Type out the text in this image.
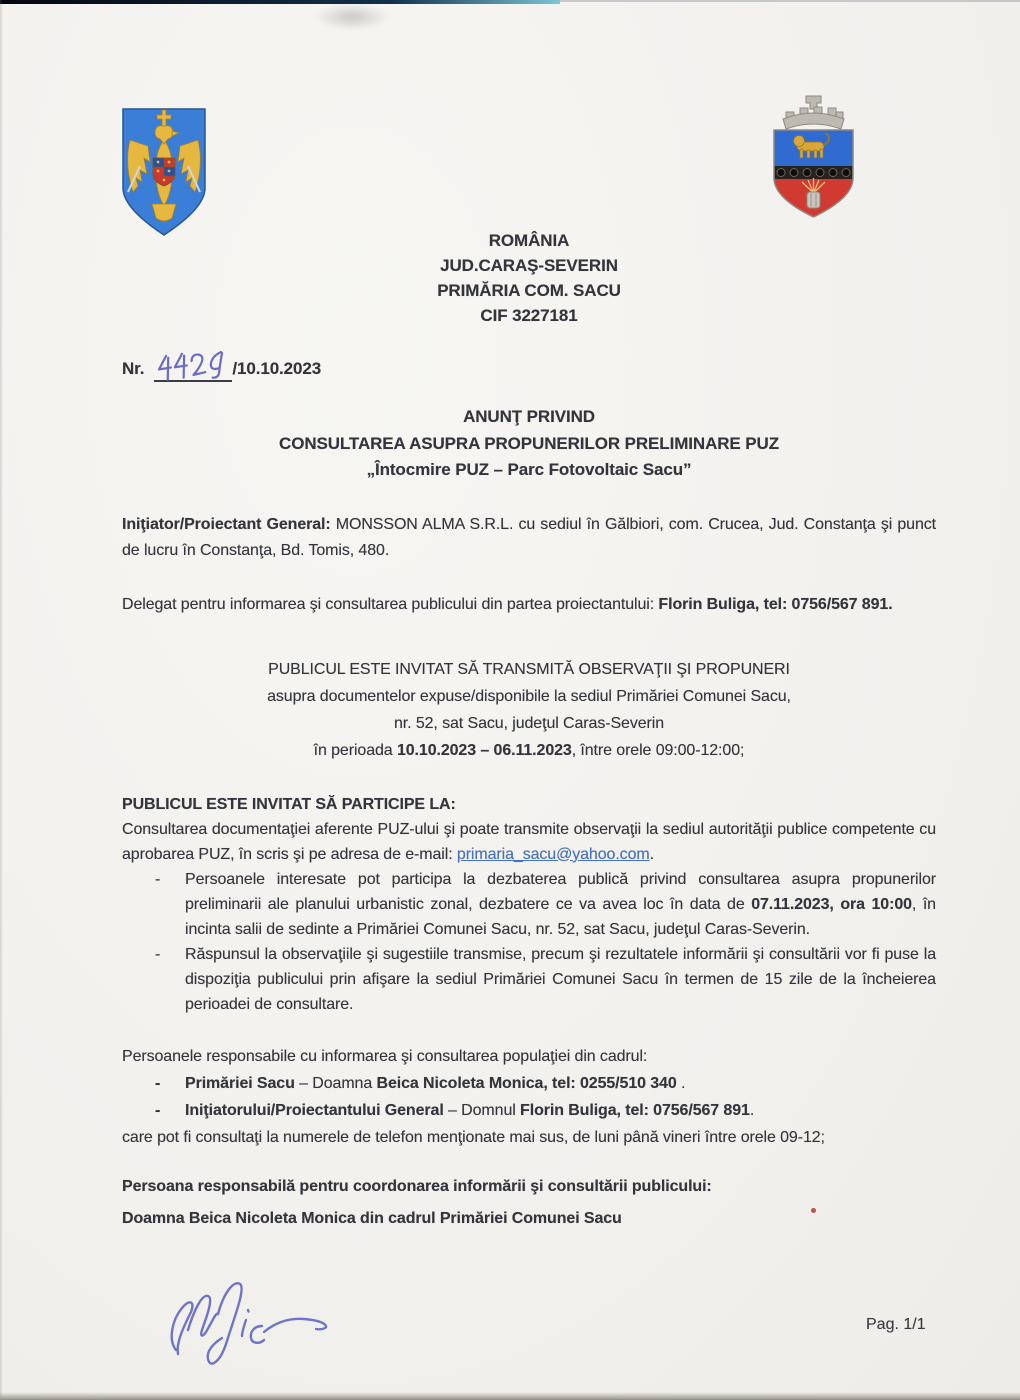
ROMÂNIA
JUD.CARAŞ-SEVERIN
PRIMĂRIA COM. SACU
CIF 3227181
Nr.	/10.10.2023
ANUNŢ PRIVIND
CONSULTAREA ASUPRA PROPUNERILOR PRELIMINARE PUZ
„Întocmire PUZ – Parc Fotovoltaic Sacu”

Iniţiator/Proiectant General: MONSSON ALMA S.R.L. cu sediul în Gălbiori, com. Crucea, Jud. Constanţa şi punct de lucru în Constanţa, Bd. Tomis, 480.

Delegat pentru informarea şi consultarea publicului din partea proiectantului: Florin Buliga, tel: 0756/567 891.

PUBLICUL ESTE INVITAT SĂ TRANSMITĂ OBSERVAŢII ŞI PROPUNERI
asupra documentelor expuse/disponibile la sediul Primăriei Comunei Sacu,
nr. 52, sat Sacu, judeţul Caras-Severin
în perioada 10.10.2023 – 06.11.2023, între orele 09:00-12:00;
PUBLICUL ESTE INVITAT SĂ PARTICIPE LA:
Consultarea documentaţiei aferente PUZ-ului şi poate transmite observaţii la sediul autorităţii publice competente cu aprobarea PUZ, în scris şi pe adresa de e-mail: primaria_sacu@yahoo.com.
-	Persoanele interesate pot participa la dezbaterea publică privind consultarea asupra propunerilor preliminarii ale planului urbanistic zonal, dezbatere ce va avea loc în data de 07.11.2023, ora 10:00, în incinta salii de sedinte a Primăriei Comunei Sacu, nr. 52, sat Sacu, judeţul Caras-Severin.
-	Răspunsul la observaţiile şi sugestiile transmise, precum şi rezultatele informării şi consultării vor fi puse la dispoziţia publicului prin afişare la sediul Primăriei Comunei Sacu în termen de 15 zile de la încheierea perioadei de consultare.
Persoanele responsabile cu informarea şi consultarea populaţiei din cadrul:
-	Primăriei Sacu – Doamna Beica Nicoleta Monica, tel: 0255/510 340 .
-	Iniţiatorului/Proiectantului General – Domnul Florin Buliga, tel: 0756/567 891.
care pot fi consultaţi la numerele de telefon menţionate mai sus, de luni până vineri între orele 09-12;
Persoana responsabilă pentru coordonarea informării şi consultării publicului:
Doamna Beica Nicoleta Monica din cadrul Primăriei Comunei Sacu
Pag. 1/1
